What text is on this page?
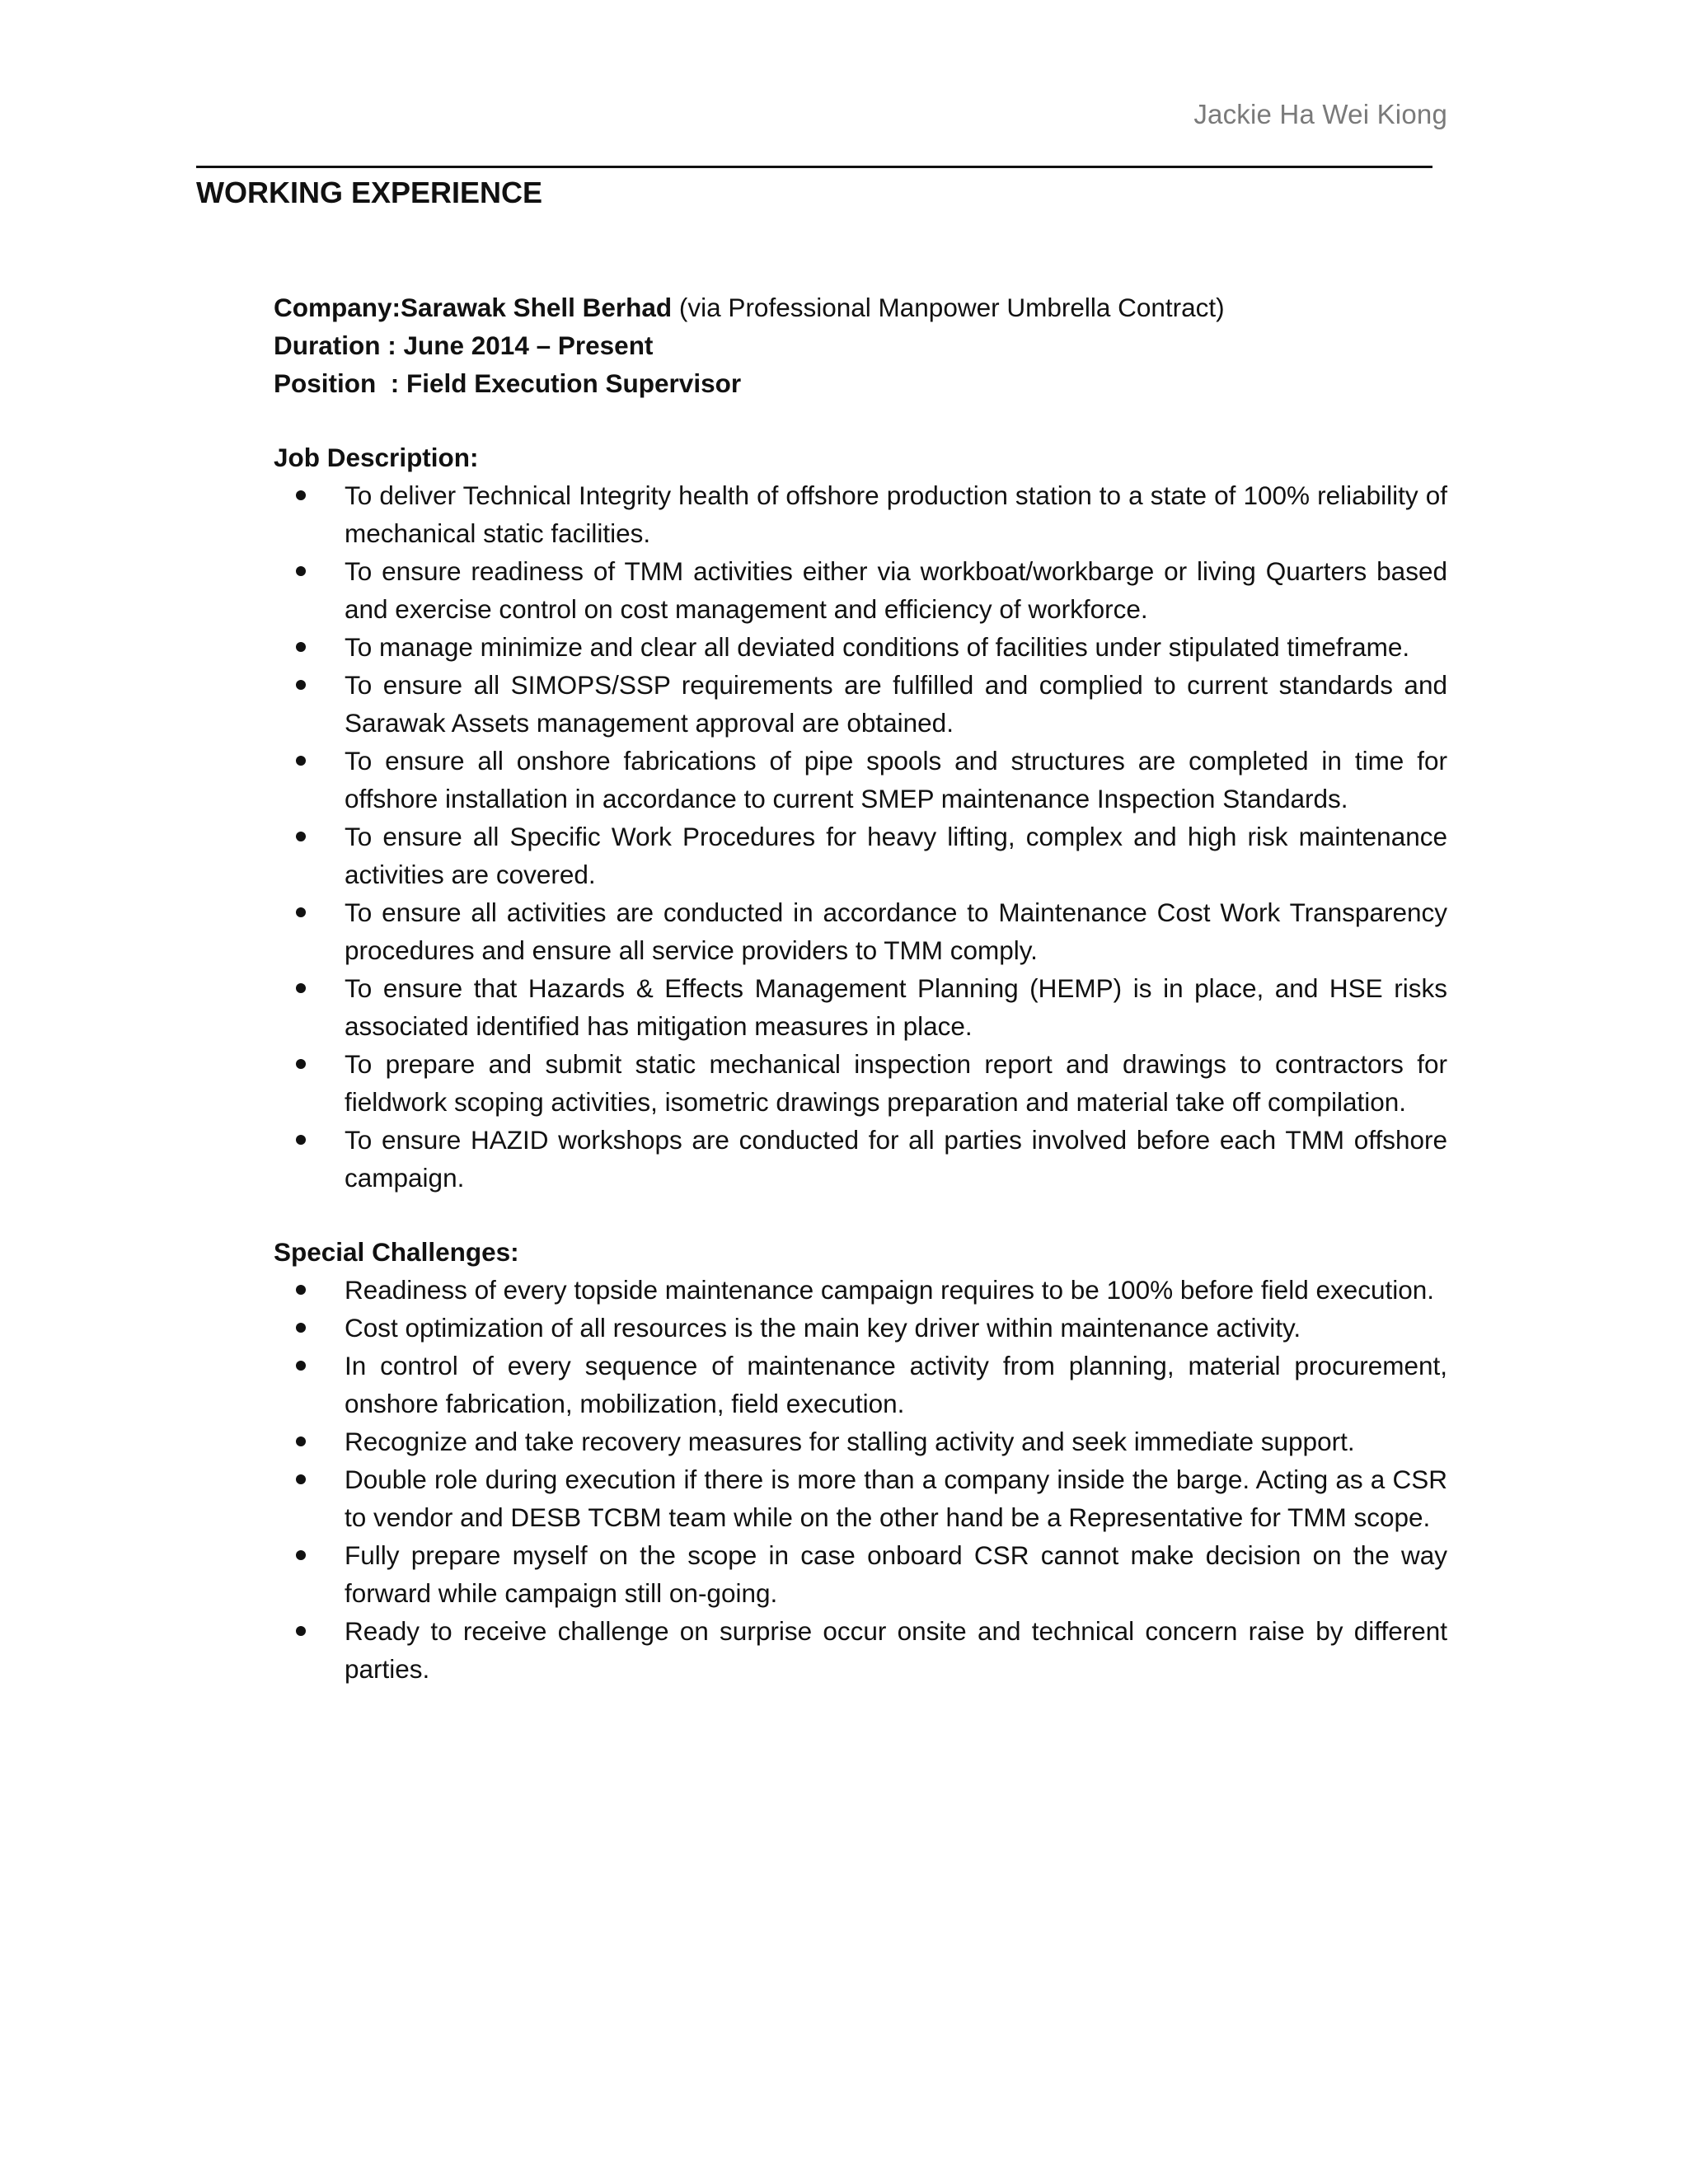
Jackie Ha Wei Kiong
WORKING EXPERIENCE

Company:Sarawak Shell Berhad (via Professional Manpower Umbrella Contract)

Duration : June 2014 – Present

Position  : Field Execution Supervisor

Job Description:

To deliver Technical Integrity health of offshore production station to a state of 100% reliability of mechanical static facilities.
To ensure readiness of TMM activities either via workboat/workbarge or living Quarters based and exercise control on cost management and efficiency of workforce.
To manage minimize and clear all deviated conditions of facilities under stipulated timeframe.
To ensure all SIMOPS/SSP requirements are fulfilled and complied to current standards and Sarawak Assets management approval are obtained.
To ensure all onshore fabrications of pipe spools and structures are completed in time for offshore installation in accordance to current SMEP maintenance Inspection Standards.
To ensure all Specific Work Procedures for heavy lifting, complex and high risk maintenance activities are covered.
To ensure all activities are conducted in accordance to Maintenance Cost Work Transparency procedures and ensure all service providers to TMM comply.
To ensure that Hazards & Effects Management Planning (HEMP) is in place, and HSE risks associated identified has mitigation measures in place.
To prepare and submit static mechanical inspection report and drawings to contractors for fieldwork scoping activities, isometric drawings preparation and material take off compilation.
To ensure HAZID workshops are conducted for all parties involved before each TMM offshore campaign.

Special Challenges:

Readiness of every topside maintenance campaign requires to be 100% before field execution.
Cost optimization of all resources is the main key driver within maintenance activity.
In control of every sequence of maintenance activity from planning, material procurement, onshore fabrication, mobilization, field execution.
Recognize and take recovery measures for stalling activity and seek immediate support.
Double role during execution if there is more than a company inside the barge. Acting as a CSR to vendor and DESB TCBM team while on the other hand be a Representative for TMM scope.
Fully prepare myself on the scope in case onboard CSR cannot make decision on the way forward while campaign still on-going.
Ready to receive challenge on surprise occur onsite and technical concern raise by different parties.
